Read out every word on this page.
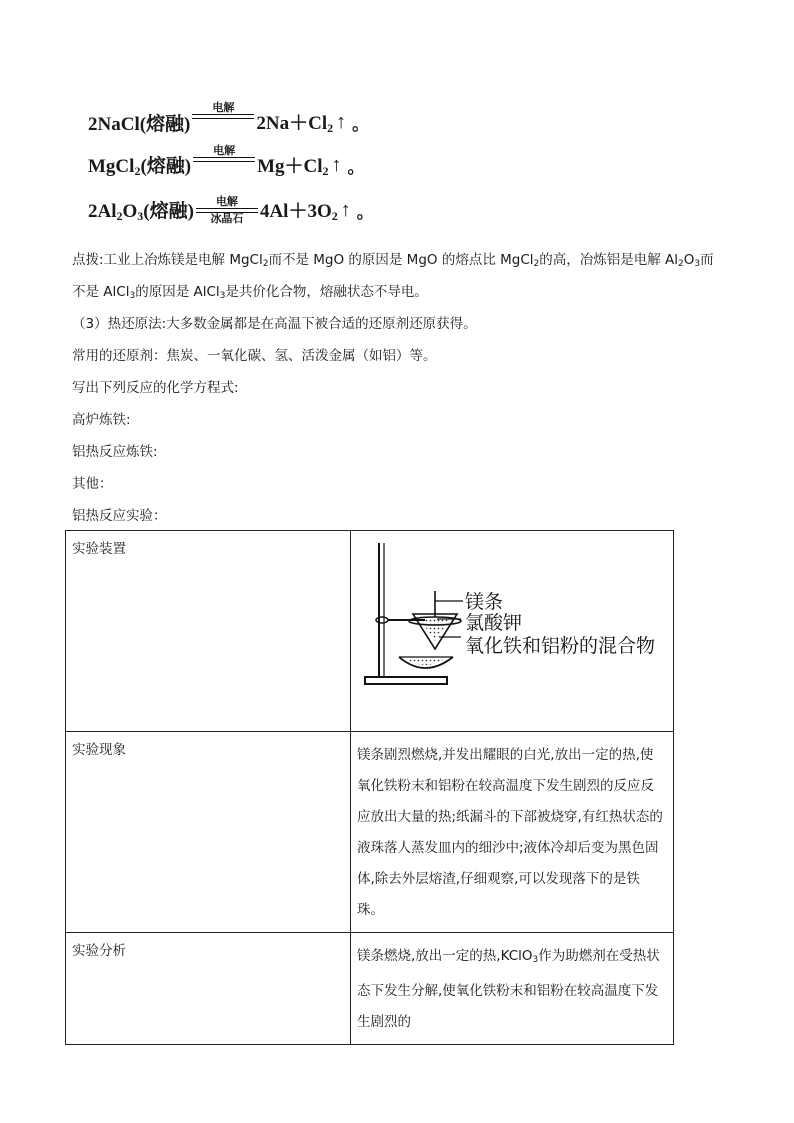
2NaCl(熔融)
电解
$2Na+Cl_2$ ↑ 。
MgCl$_2$(熔融)
电解
$Mg+Cl_2$ ↑ 。
$2Al_2O_3$(熔融) 电解
冰晶石 $4Al+3O_2$ ↑ 。
点拨:工业上冶炼镁是电解 MgCl$_2$而不是 MgO 的原因是 MgO 的熔点比 MgCl$_2$的高，冶炼铝是电解 $Al_2O_3$而
不是 AlCl$_3$的原因是 AlCl$_3$是共价化合物，熔融状态不导电。
（3）热还原法:大多数金属都是在高温下被合适的还原剂还原获得。
常用的还原剂：焦炭、一氧化碳、氢、活泼金属（如铝）等。
写出下列反应的化学方程式:
高炉炼铁:
铝热反应炼铁:
其他：
铝热反应实验：
实验装置	镁条
氯酸钾
氧化铁和铝粉的混合物

实验现象	镁条剧烈燃烧,并发出耀眼的白光,放出一定的热,使氧化铁粉末和铝粉在较高温度下发生剧烈的反应反应放出大量的热;纸漏斗的下部被烧穿,有红热状态的液珠落人蒸发皿内的细沙中;液体冷却后变为黑色固体,除去外层熔渣,仔细观察,可以发现落下的是铁珠。
实验分析	镁条燃烧,放出一定的热,KClO$_3$作为助燃剂在受热状态下发生分解,使氧化铁粉末和铝粉在较高温度下发生剧烈的
